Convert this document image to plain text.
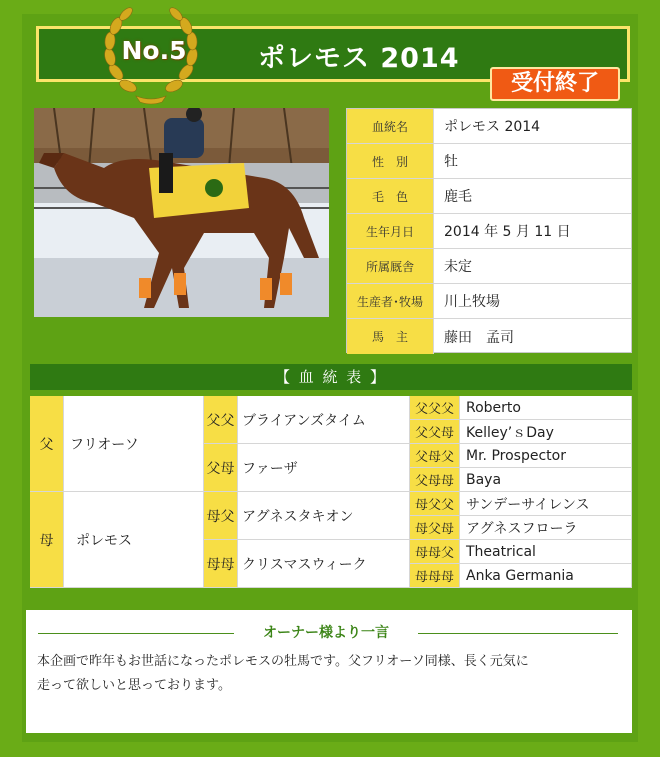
No.5	ポレモス 2014
受付終了
血統名	ポレモス 2014
性　別	牡
毛　色	鹿毛
生年月日	2014 年 5 月 11 日
所属厩舎	未定
生産者･牧場	川上牧場
馬　主	藤田　孟司
【 血 統 表 】
父	フリオーソ
母	ポレモス
父父 ブライアンズタイム
父母 ファーザ
母父 アグネスタキオン
母母 クリスマスウィーク
父父父 Roberto
父父母 Kelley’ｓDay
父母父 Mr. Prospector
父母母 Baya
母父父 サンデーサイレンス
母父母 アグネスフローラ
母母父 Theatrical
母母母 Anka Germania
オーナー様より一言
本企画で昨年もお世話になったポレモスの牡馬です。父フリオーソ同様、長く元気に
走って欲しいと思っております。
